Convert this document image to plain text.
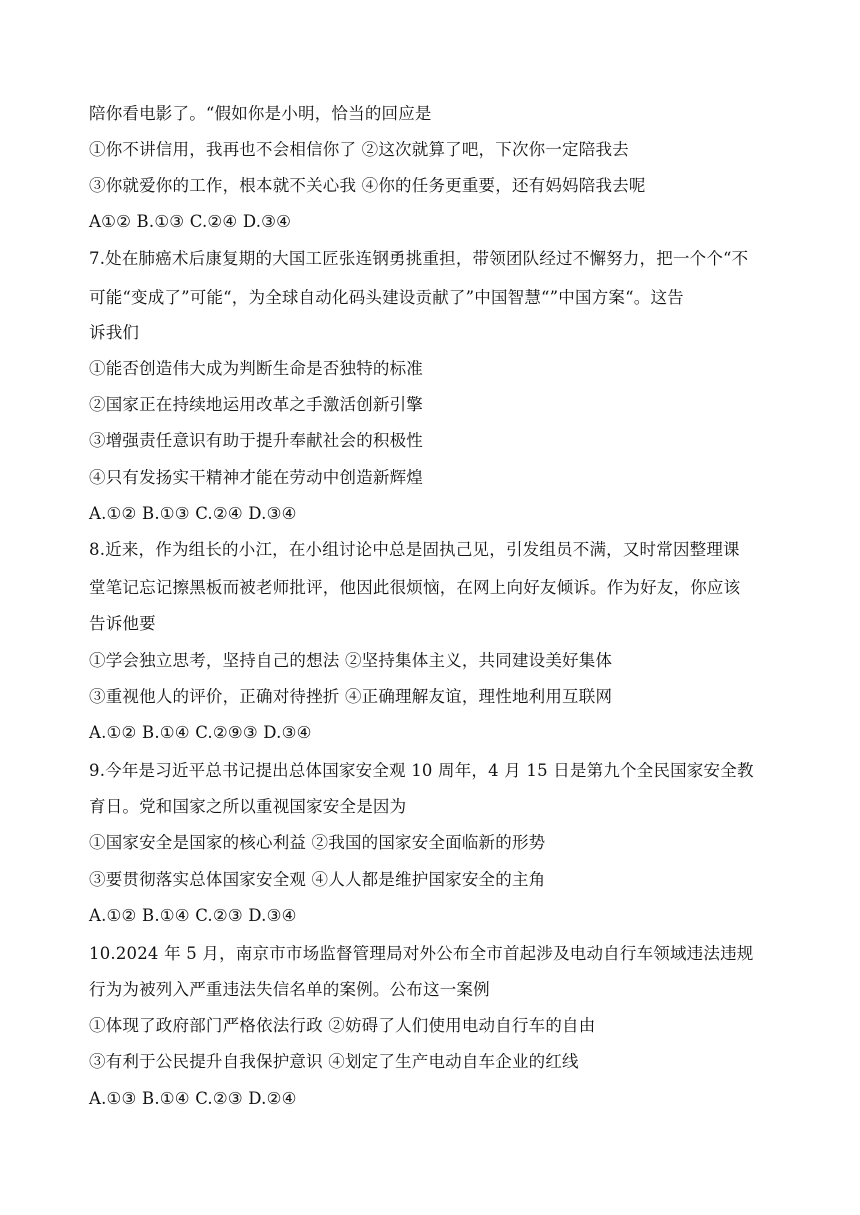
陪你看电影了。“假如你是小明，恰当的回应是
①你不讲信用，我再也不会相信你了 ②这次就算了吧，下次你一定陪我去
③你就爱你的工作，根本就不关心我 ④你的任务更重要，还有妈妈陪我去呢
A①② B.①③ C.②④ D.③④
7.处在肺癌术后康复期的大国工匠张连钢勇挑重担，带领团队经过不懈努力，把一个个“不
可能“变成了”可能“，为全球自动化码头建设贡献了”中国智慧“”中国方案“。这告
诉我们
①能否创造伟大成为判断生命是否独特的标准
②国家正在持续地运用改革之手激活创新引擎
③增强责任意识有助于提升奉献社会的积极性
④只有发扬实干精神才能在劳动中创造新辉煌
A.①② B.①③ C.②④ D.③④
8.近来，作为组长的小江，在小组讨论中总是固执己见，引发组员不满，又时常因整理课
堂笔记忘记擦黑板而被老师批评，他因此很烦恼，在网上向好友倾诉。作为好友，你应该
告诉他要
①学会独立思考，坚持自己的想法 ②坚持集体主义，共同建设美好集体
③重视他人的评价，正确对待挫折 ④正确理解友谊，理性地利用互联网
A.①② B.①④ C.②⑨③ D.③④
9.今年是习近平总书记提出总体国家安全观 10 周年，4 月 15 日是第九个全民国家安全教
育日。党和国家之所以重视国家安全是因为
①国家安全是国家的核心利益 ②我国的国家安全面临新的形势
③要贯彻落实总体国家安全观 ④人人都是维护国家安全的主角
A.①② B.①④ C.②③ D.③④
10.2024 年 5 月，南京市市场监督管理局对外公布全市首起涉及电动自行车领域违法违规
行为为被列入严重违法失信名单的案例。公布这一案例
①体现了政府部门严格依法行政 ②妨碍了人们使用电动自行车的自由
③有利于公民提升自我保护意识 ④划定了生产电动自车企业的红线
A.①③ B.①④ C.②③ D.②④
